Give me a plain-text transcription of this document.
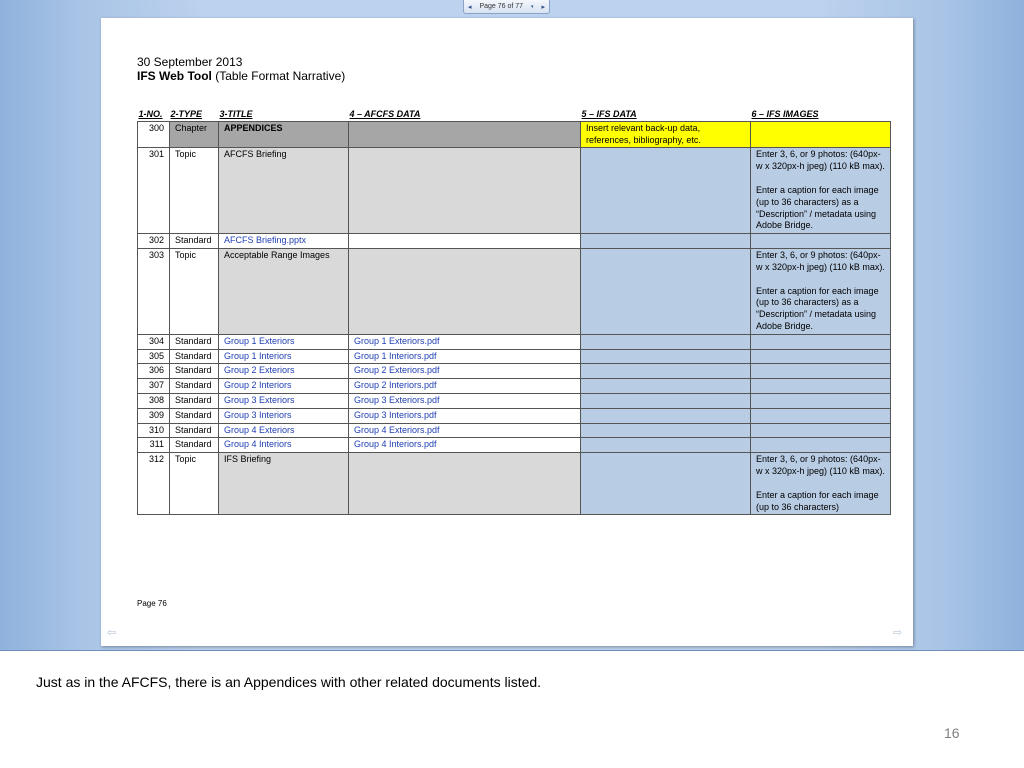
◂ Page 76 of 77 ▾ ▸
30 September 2013
IFS Web Tool (Table Format Narrative)
1-NO.	2-TYPE	3-TITLE	4 – AFCFS DATA	5 – IFS DATA	6 – IFS IMAGES
300	Chapter	APPENDICES		Insert relevant back-up data, references, bibliography, etc.	
301	Topic	AFCFS Briefing			Enter 3, 6, or 9 photos: (640px-w x 320px-h jpeg) (110 kB max).
Enter a caption for each image (up to 36 characters) as a “Description” / metadata using Adobe Bridge.

302	Standard	AFCFS Briefing.pptx			
303	Topic	Acceptable Range Images			Enter 3, 6, or 9 photos: (640px-w x 320px-h jpeg) (110 kB max).
Enter a caption for each image (up to 36 characters) as a “Description” / metadata using Adobe Bridge.

304	Standard	Group 1 Exteriors	Group 1 Exteriors.pdf		
305	Standard	Group 1 Interiors	Group 1 Interiors.pdf		
306	Standard	Group 2 Exteriors	Group 2 Exteriors.pdf		
307	Standard	Group 2 Interiors	Group 2 Interiors.pdf		
308	Standard	Group 3 Exteriors	Group 3 Exteriors.pdf		
309	Standard	Group 3 Interiors	Group 3 Interiors.pdf		
310	Standard	Group 4 Exteriors	Group 4 Exteriors.pdf		
311	Standard	Group 4 Interiors	Group 4 Interiors.pdf		
312	Topic	IFS Briefing			Enter 3, 6, or 9 photos: (640px-w x 320px-h jpeg) (110 kB max).
Enter a caption for each image (up to 36 characters)
Page 76
⇦	⇨
Just as in the AFCFS, there is an Appendices with other related documents listed.
16
